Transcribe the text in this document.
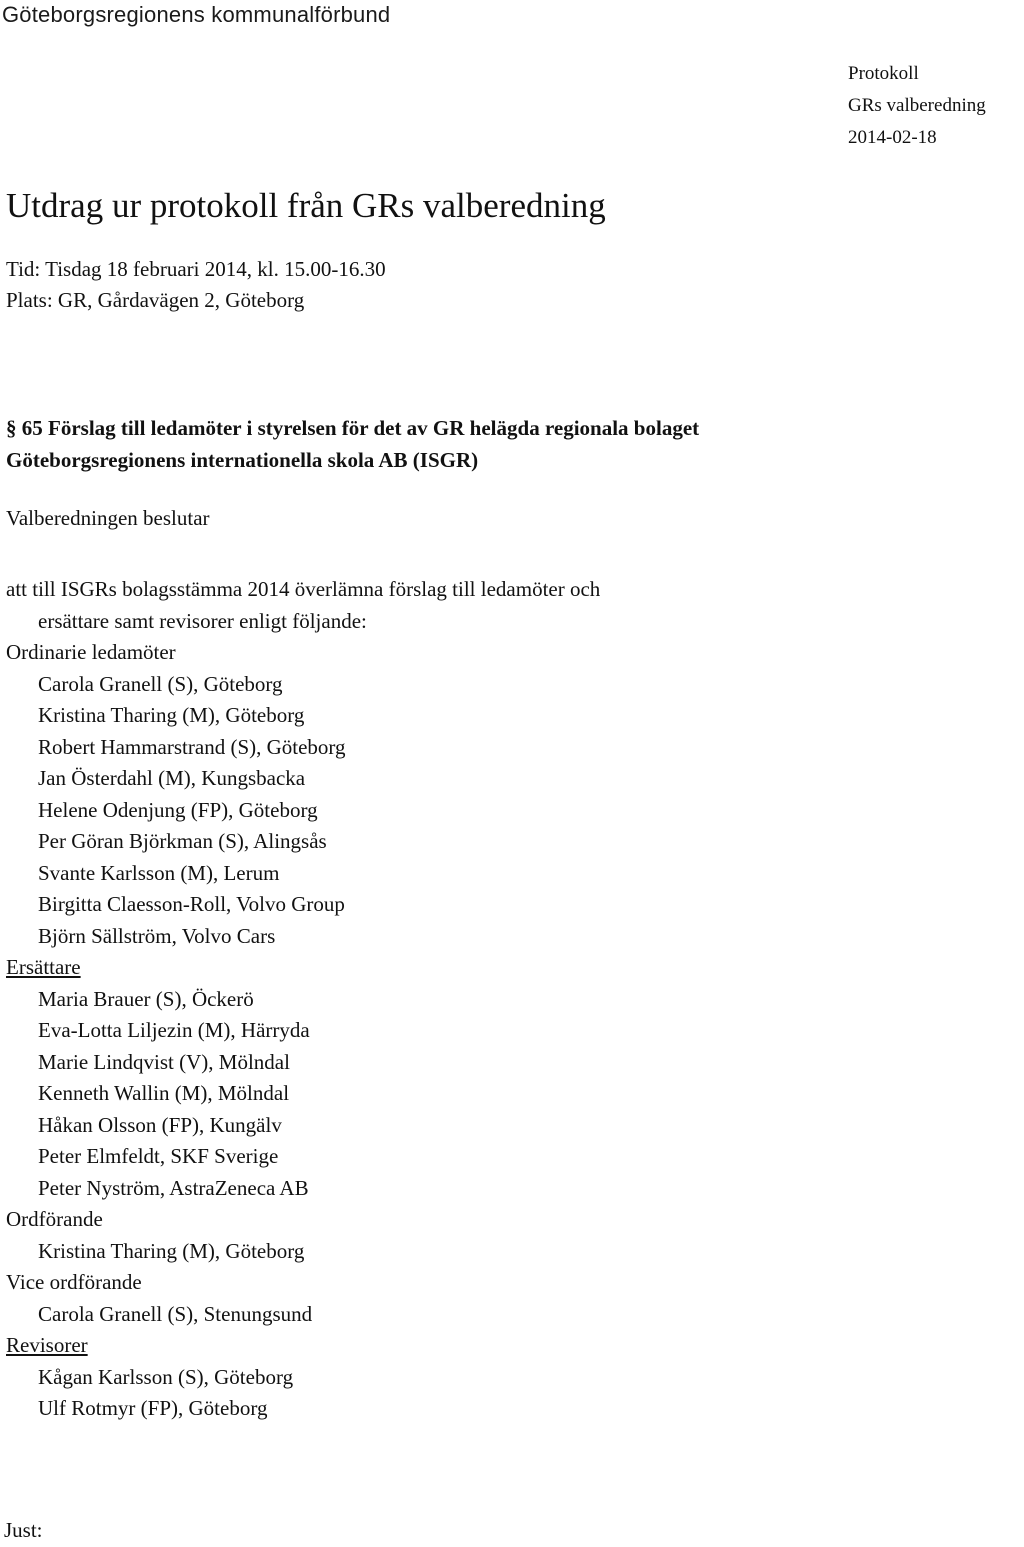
Göteborgsregionens kommunalförbund
Protokoll
GRs valberedning
2014-02-18
Utdrag ur protokoll från GRs valberedning
Tid: Tisdag 18 februari 2014, kl. 15.00-16.30
Plats: GR, Gårdavägen 2, Göteborg
§ 65 Förslag till ledamöter i styrelsen för det av GR helägda regionala bolaget Göteborgsregionens internationella skola AB (ISGR)
Valberedningen beslutar
att till ISGRs bolagsstämma 2014 överlämna förslag till ledamöter och
ersättare samt revisorer enligt följande:
Ordinarie ledamöter
Carola Granell (S), Göteborg
Kristina Tharing (M), Göteborg
Robert Hammarstrand (S), Göteborg
Jan Österdahl (M), Kungsbacka
Helene Odenjung (FP), Göteborg
Per Göran Björkman (S), Alingsås
Svante Karlsson (M), Lerum
Birgitta Claesson-Roll, Volvo Group
Björn Sällström, Volvo Cars
Ersättare
Maria Brauer (S), Öckerö
Eva-Lotta Liljezin (M), Härryda
Marie Lindqvist (V), Mölndal
Kenneth Wallin (M), Mölndal
Håkan Olsson (FP), Kungälv
Peter Elmfeldt, SKF Sverige
Peter Nyström, AstraZeneca AB
Ordförande
Kristina Tharing (M), Göteborg
Vice ordförande
Carola Granell (S), Stenungsund
Revisorer
Kågan Karlsson (S), Göteborg
Ulf Rotmyr (FP), Göteborg
Just:
